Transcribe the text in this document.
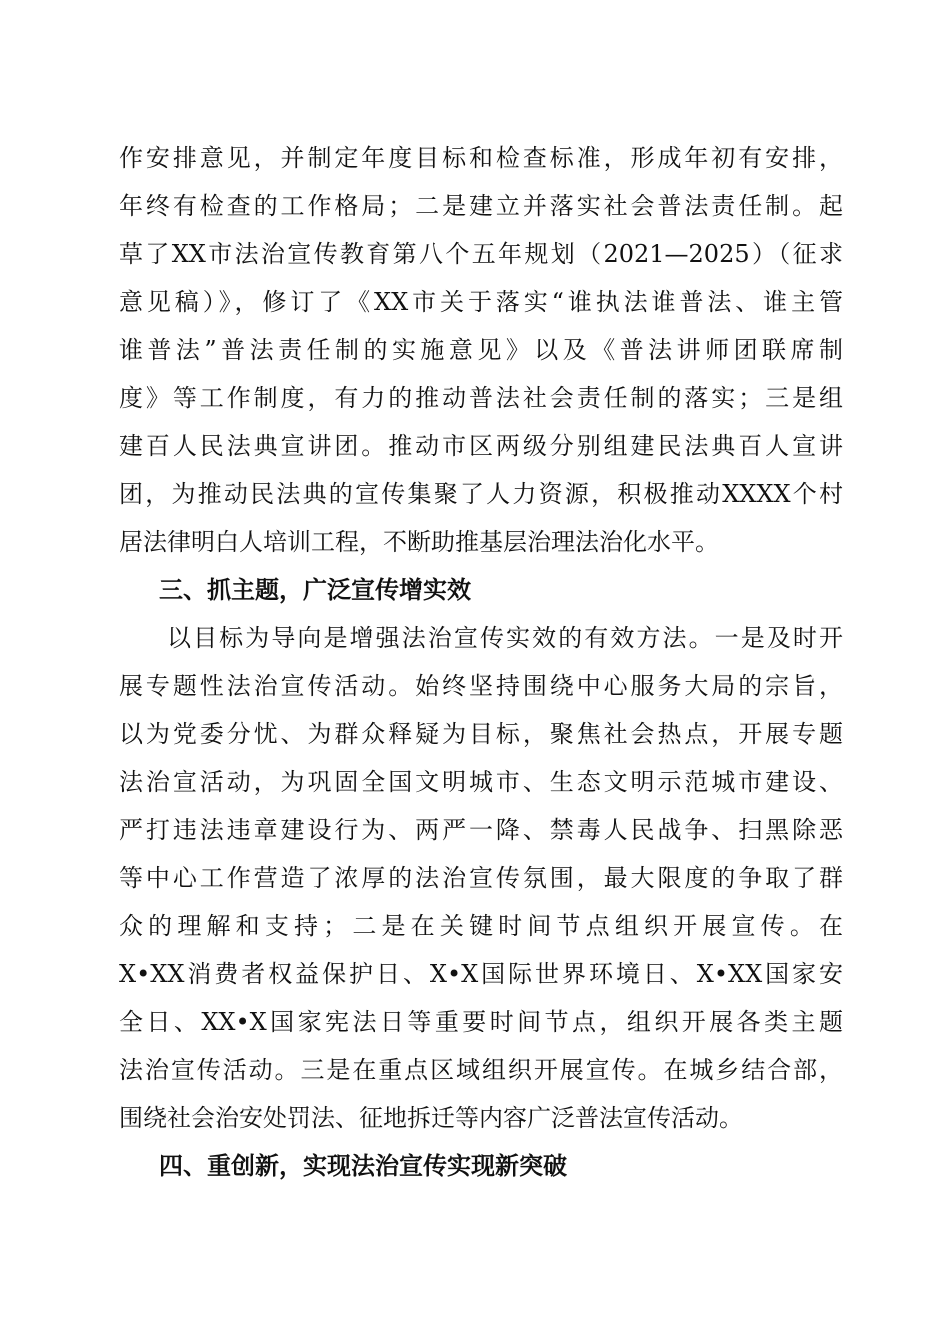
作安排意见，并制定年度目标和检查标准，形成年初有安排，
年终有检查的工作格局；二是建立并落实社会普法责任制。起
草了XX市法治宣传教育第八个五年规划（2021—2025）（征求
意见稿）》，修订了《XX市关于落实“谁执法谁普法、谁主管
谁普法”普法责任制的实施意见》以及《普法讲师团联席制
度》等工作制度，有力的推动普法社会责任制的落实；三是组
建百人民法典宣讲团。推动市区两级分别组建民法典百人宣讲
团，为推动民法典的宣传集聚了人力资源，积极推动XXXX个村
居法律明白人培训工程，不断助推基层治理法治化水平。
三、抓主题，广泛宣传增实效
以目标为导向是增强法治宣传实效的有效方法。一是及时开
展专题性法治宣传活动。始终坚持围绕中心服务大局的宗旨，
以为党委分忧、为群众释疑为目标，聚焦社会热点，开展专题
法治宣活动，为巩固全国文明城市、生态文明示范城市建设、
严打违法违章建设行为、两严一降、禁毒人民战争、扫黑除恶
等中心工作营造了浓厚的法治宣传氛围，最大限度的争取了群
众的理解和支持；二是在关键时间节点组织开展宣传。在
X•XX消费者权益保护日、X•X国际世界环境日、X•XX国家安
全日、XX•X国家宪法日等重要时间节点，组织开展各类主题
法治宣传活动。三是在重点区域组织开展宣传。在城乡结合部，
围绕社会治安处罚法、征地拆迁等内容广泛普法宣传活动。
四、重创新，实现法治宣传实现新突破
